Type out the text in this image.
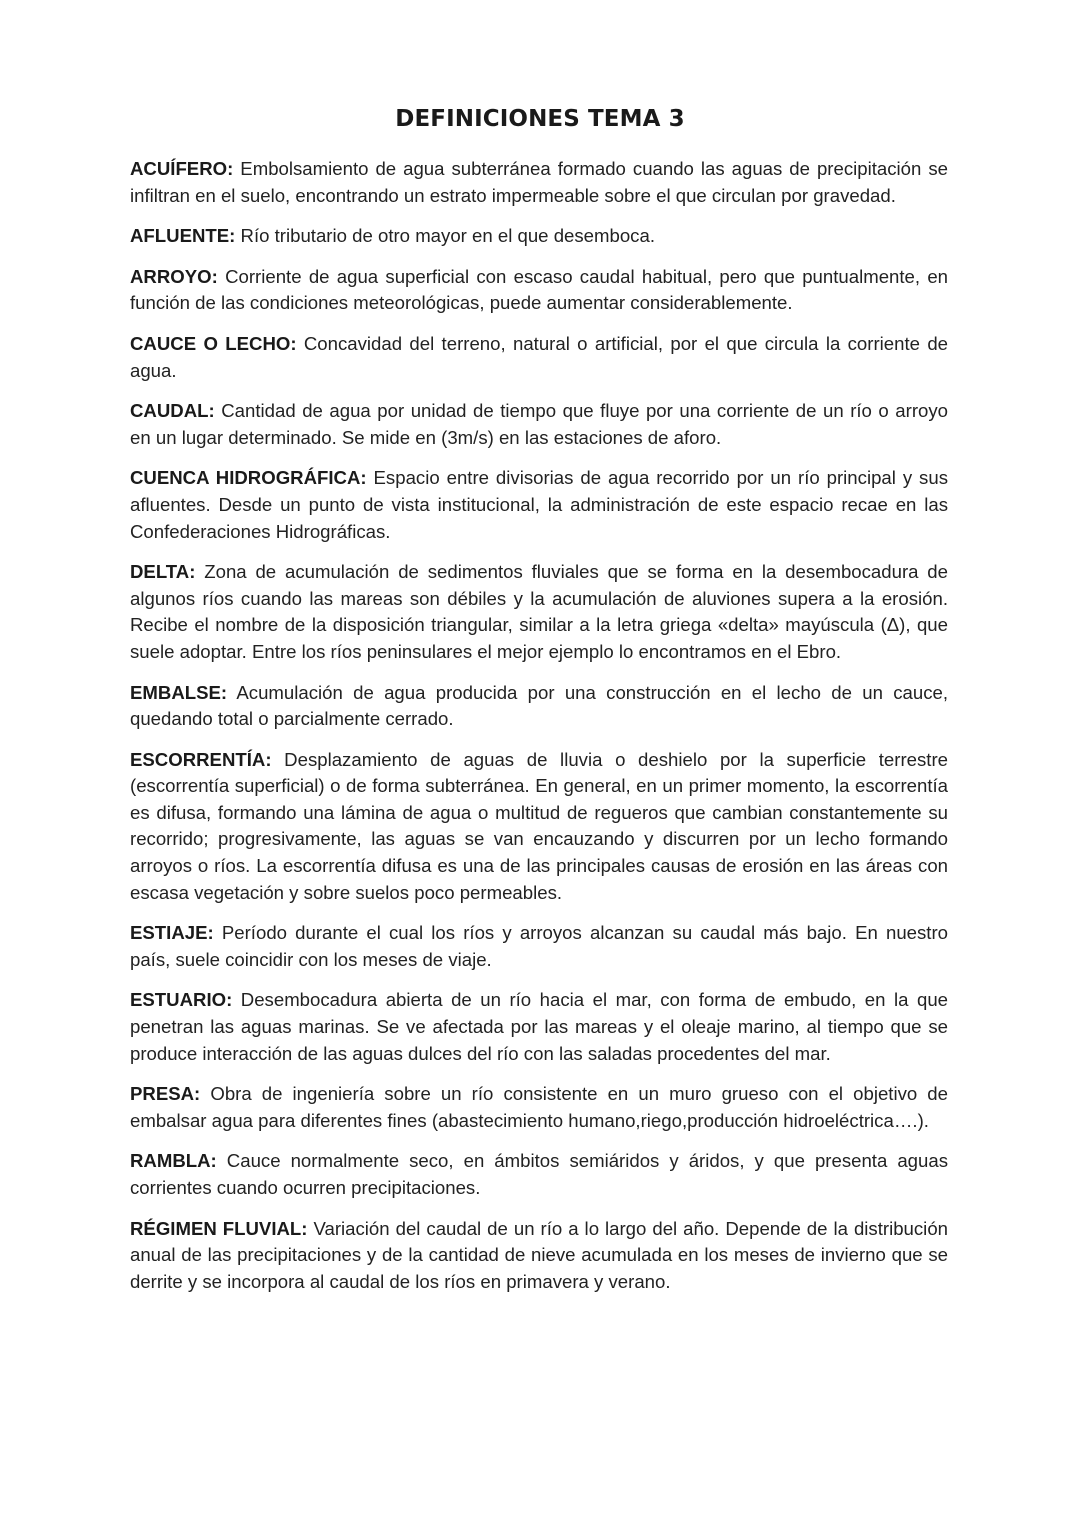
DEFINICIONES TEMA 3

ACUÍFERO: Embolsamiento de agua subterránea formado cuando las aguas de precipitación se infiltran en el suelo, encontrando un estrato impermeable sobre el que circulan por gravedad.

AFLUENTE: Río tributario de otro mayor en el que desemboca.

ARROYO: Corriente de agua superficial con escaso caudal habitual, pero que puntualmente, en función de las condiciones meteorológicas, puede aumentar considerablemente.

CAUCE O LECHO: Concavidad del terreno, natural o artificial, por el que circula la corriente de agua.

CAUDAL: Cantidad de agua por unidad de tiempo que fluye por una corriente de un río o arroyo en un lugar determinado. Se mide en (3m/s) en las estaciones de aforo.

CUENCA HIDROGRÁFICA: Espacio entre divisorias de agua recorrido por un río principal y sus afluentes. Desde un punto de vista institucional, la administración de este espacio recae en las Confederaciones Hidrográficas.

DELTA: Zona de acumulación de sedimentos fluviales que se forma en la desembocadura de algunos ríos cuando las mareas son débiles y la acumulación de aluviones supera a la erosión. Recibe el nombre de la disposición triangular, similar a la letra griega «delta» mayúscula (Δ), que suele adoptar. Entre los ríos peninsulares el mejor ejemplo lo encontramos en el Ebro.

EMBALSE: Acumulación de agua producida por una construcción en el lecho de un cauce, quedando total o parcialmente cerrado.

ESCORRENTÍA: Desplazamiento de aguas de lluvia o deshielo por la superficie terrestre (escorrentía superficial) o de forma subterránea. En general, en un primer momento, la escorrentía es difusa, formando una lámina de agua o multitud de regueros que cambian constantemente su recorrido; progresivamente, las aguas se van encauzando y discurren por un lecho formando arroyos o ríos. La escorrentía difusa es una de las principales causas de erosión en las áreas con escasa vegetación y sobre suelos poco permeables.

ESTIAJE: Período durante el cual los ríos y arroyos alcanzan su caudal más bajo. En nuestro país, suele coincidir con los meses de viaje.

ESTUARIO: Desembocadura abierta de un río hacia el mar, con forma de embudo, en la que penetran las aguas marinas. Se ve afectada por las mareas y el oleaje marino, al tiempo que se produce interacción de las aguas dulces del río con las saladas procedentes del mar.

PRESA: Obra de ingeniería sobre un río consistente en un muro grueso con el objetivo de embalsar agua para diferentes fines (abastecimiento humano,riego,producción hidroeléctrica….).

RAMBLA: Cauce normalmente seco, en ámbitos semiáridos y áridos, y que presenta aguas corrientes cuando ocurren precipitaciones.

RÉGIMEN FLUVIAL: Variación del caudal de un río a lo largo del año. Depende de la distribución anual de las precipitaciones y de la cantidad de nieve acumulada en los meses de invierno que se derrite y se incorpora al caudal de los ríos en primavera y verano.
